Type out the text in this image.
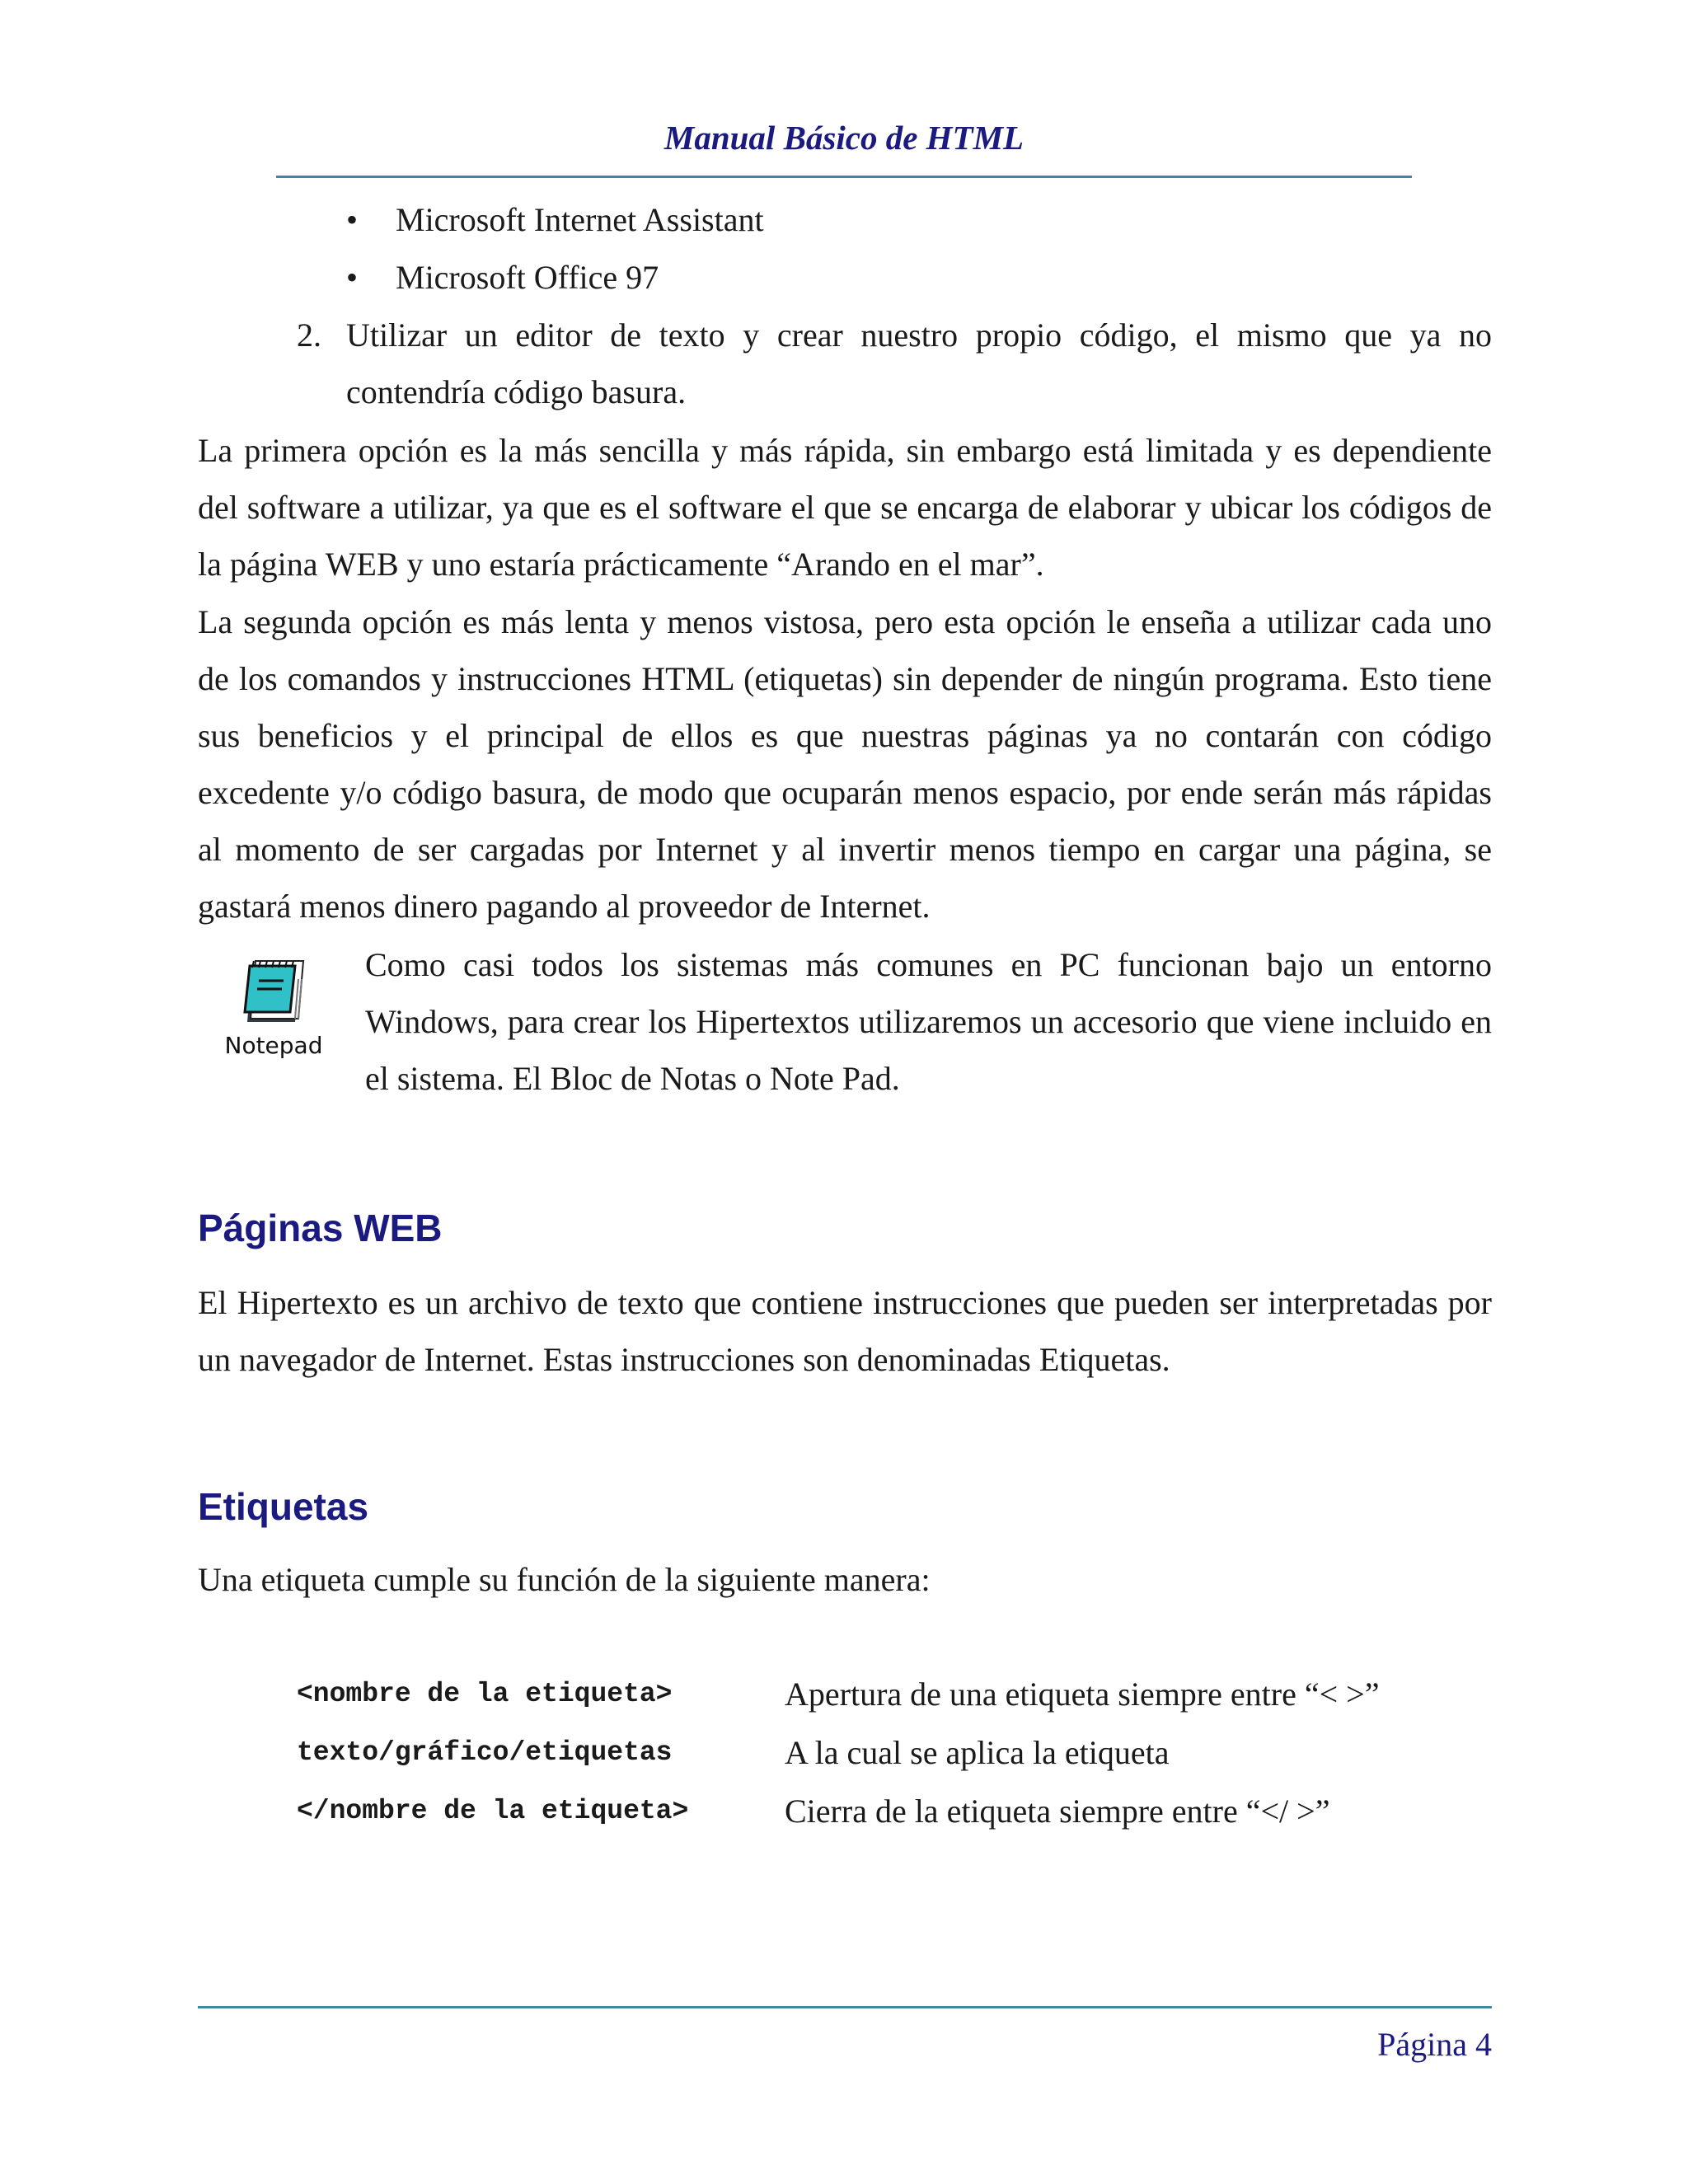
Manual Básico de HTML
•	Microsoft Internet Assistant
•	Microsoft Office 97
2. Utilizar un editor de texto y crear nuestro propio código, el mismo que ya no
contendría código basura.
La primera opción es la más sencilla y más rápida, sin embargo está limitada y es dependiente
del software a utilizar, ya que es el software el que se encarga de elaborar y ubicar los códigos de
la página WEB y uno estaría prácticamente “Arando en el mar”.
La segunda opción es más lenta y menos vistosa, pero esta opción le enseña a utilizar cada uno
de los comandos y instrucciones HTML (etiquetas) sin depender de ningún programa. Esto tiene
sus beneficios y el principal de ellos es que nuestras páginas ya no contarán con código
excedente y/o código basura, de modo que ocuparán menos espacio, por ende serán más rápidas
al momento de ser cargadas por Internet y al invertir menos tiempo en cargar una página, se
gastará menos dinero pagando al proveedor de Internet.
Notepad
Como casi todos los sistemas más comunes en PC funcionan bajo un entorno
Windows, para crear los Hipertextos utilizaremos un accesorio que viene incluido en
el sistema. El Bloc de Notas o Note Pad.
Páginas WEB
El Hipertexto es un archivo de texto que contiene instrucciones que pueden ser interpretadas por
un navegador de Internet. Estas instrucciones son denominadas Etiquetas.
Etiquetas
Una etiqueta cumple su función de la siguiente manera:
<nombre de la etiqueta>	Apertura de una etiqueta siempre entre “< >”
texto/gráfico/etiquetas	A la cual se aplica la etiqueta
</nombre de la etiqueta>	Cierra de la etiqueta siempre entre “</ >”
Página 4
